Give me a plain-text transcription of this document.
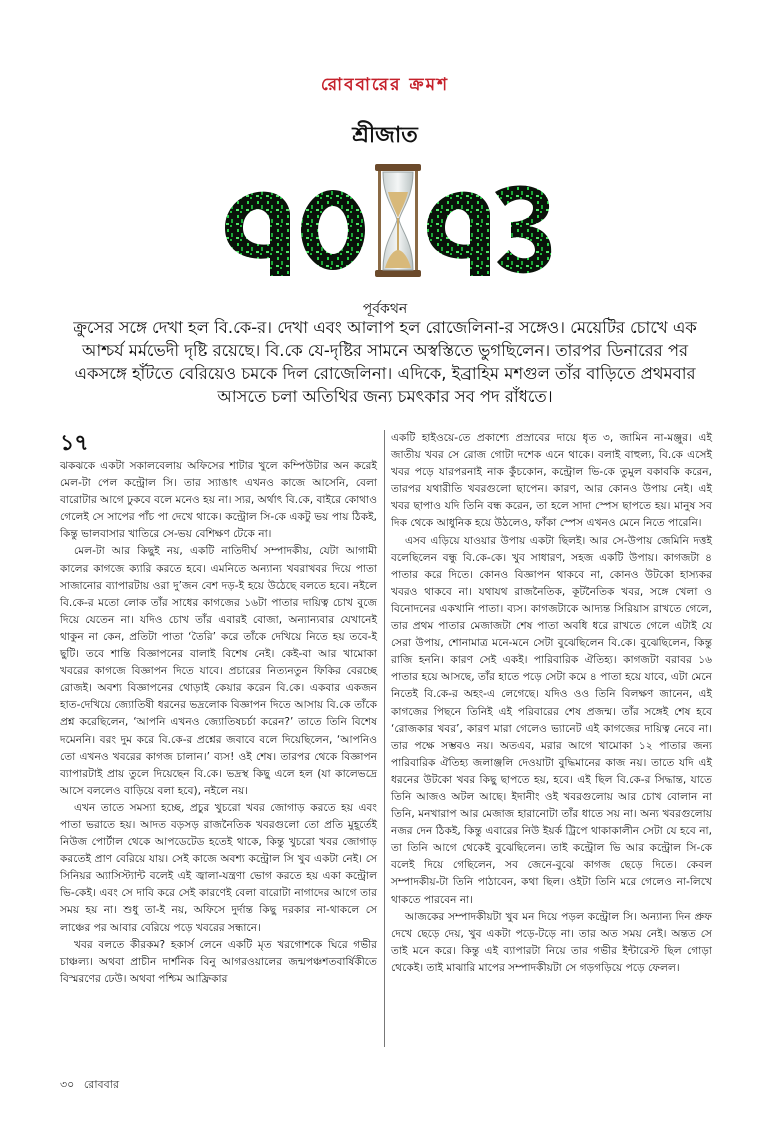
রোববারের ক্রমশ
শ্রীজাত
পূর্বকথন
ক্রুসের সঙ্গে দেখা হল বি.কে-র। দেখা এবং আলাপ হল রোজেলিনা-র সঙ্গেও। মেয়েটির চোখে এক আশ্চর্য মর্মভেদী দৃষ্টি রয়েছে। বি.কে যে-দৃষ্টির সামনে অস্বস্তিতে ভুগছিলেন। তারপর ডিনারের পর একসঙ্গে হাঁটতে বেরিয়েও চমকে দিল রোজেলিনা। এদিকে, ইব্রাহিম মশগুল তাঁর বাড়িতে প্রথমবার আসতে চলা অতিথির জন্য চমৎকার সব পদ রাঁধতে।
১৭

ঝকঝকে একটা সকালবেলায় অফিসের শাটার খুলে কম্পিউটার অন করেই মেল-টা পেল কন্ট্রোল সি। তার স্যাঙাৎ এখনও কাজে আসেনি, বেলা বারোটার আগে ঢুকবে বলে মনেও হয় না। স্যর, অর্থাৎ বি.কে, বাইরে কোথাও গেলেই সে সাপের পাঁচ পা দেখে থাকে। কন্ট্রোল সি-কে একটু ভয় পায় ঠিকই, কিন্তু ভালবাসার খাতিরে সে-ভয় বেশিক্ষণ টেকে না।

মেল-টা আর কিছুই নয়, একটি নাতিদীর্ঘ সম্পাদকীয়, যেটা আগামী কালের কাগজে ক্যারি করতে হবে। এমনিতে অন্যান্য খবরাখবর দিয়ে পাতা সাজানোর ব্যাপারটায় ওরা দু’জন বেশ দড়-ই হয়ে উঠেছে বলতে হবে। নইলে বি.কে-র মতো লোক তাঁর সাধের কাগজের ১৬টা পাতার দায়িত্ব চোখ বুজে দিয়ে যেতেন না। যদিও চোখ তাঁর এবারই বোজা, অন্যান্যবার যেখানেই থাকুন না কেন, প্রতিটা পাতা ‘তৈরি’ করে তাঁকে দেখিয়ে নিতে হয় তবে-ই ছুটি। তবে শান্তি বিজ্ঞাপনের বালাই বিশেষ নেই। কেই-বা আর খামোকা খবরের কাগজে বিজ্ঞাপন দিতে যাবে। প্রচারের নিত্যনতুন ফিকির বেরচ্ছে রোজই। অবশ্য বিজ্ঞাপনের থোড়াই কেয়ার করেন বি.কে। একবার একজন হাত-দেখিয়ে জ্যোতিষী ধরনের ভদ্রলোক বিজ্ঞাপন দিতে আসায় বি.কে তাঁকে প্রশ্ন করেছিলেন, ‘আপনি এখনও জ্যোতিষচর্চা করেন?’ তাতে তিনি বিশেষ দমেননি। বরং দুম করে বি.কে-র প্রশ্নের জবাবে বলে দিয়েছিলেন, ‘আপনিও তো এখনও খবরের কাগজ চালান।’ ব্যস! ওই শেষ। তারপর থেকে বিজ্ঞাপন ব্যাপারটাই প্রায় তুলে দিয়েছেন বি.কে। ভদ্রস্থ কিছু এলে হল (যা কালেভদ্রে আসে বললেও বাড়িয়ে বলা হবে), নইলে নয়।

এখন তাতে সমস্যা হচ্ছে, প্রচুর খুচরো খবর জোগাড় করতে হয় এবং পাতা ভরাতে হয়। আদত বড়সড় রাজনৈতিক খবরগুলো তো প্রতি মুহূর্তেই নিউজ পোর্টাল থেকে আপডেটেড হতেই থাকে, কিন্তু খুচরো খবর জোগাড় করতেই প্রাণ বেরিয়ে যায়। সেই কাজে অবশ্য কন্ট্রোল সি খুব একটা নেই। সে সিনিয়র অ্যাসিস্ট্যান্ট বলেই এই জ্বালা-যন্ত্রণা ভোগ করতে হয় একা কন্ট্রোল ভি-কেই। এবং সে দাবি করে সেই কারণেই বেলা বারোটা নাগাদের আগে তার সময় হয় না। শুধু তা-ই নয়, অফিসে দুর্দান্ত কিছু দরকার না-থাকলে সে লাঞ্চের পর আবার বেরিয়ে পড়ে খবরের সন্ধানে।

খবর বলতে কীরকম? হকার্স লেনে একটি মৃত খরগোশকে ঘিরে গভীর চাঞ্চল্য। অথবা প্রাচীন দার্শনিক বিনু আগরওয়ালের জন্মপঞ্চশতবার্ষিকীতে বিস্মরণের ঢেউ। অথবা পশ্চিম আফ্রিকার

একটি হাইওয়ে-তে প্রকাশ্যে প্রস্রাবের দায়ে ধৃত ৩, জামিন না-মঞ্জুর। এই জাতীয় খবর সে রোজ গোটা দশেক এনে থাকে। বলাই বাহুল্য, বি.কে এসেই খবর পড়ে যারপরনাই নাক কুঁচকোন, কন্ট্রোল ভি-কে তুমুল বকাবকি করেন, তারপর যথারীতি খবরগুলো ছাপেন। কারণ, আর কোনও উপায় নেই। এই খবর ছাপাও যদি তিনি বন্ধ করেন, তা হলে সাদা স্পেস ছাপতে হয়। মানুষ সব দিক থেকে আধুনিক হয়ে উঠলেও, ফাঁকা স্পেস এখনও মেনে নিতে পারেনি।

এসব এড়িয়ে যাওয়ার উপায় একটা ছিলই। আর সে-উপায় জেমিনি দত্তই বলেছিলেন বন্ধু বি.কে-কে। খুব সাধারণ, সহজ একটি উপায়। কাগজটা ৪ পাতার করে দিতে। কোনও বিজ্ঞাপন থাকবে না, কোনও উটকো হাস্যকর খবরও থাকবে না। যথাযথ রাজনৈতিক, কূটনৈতিক খবর, সঙ্গে খেলা ও বিনোদনের একখানি পাতা। ব্যস। কাগজটাকে আদ্যন্ত সিরিয়াস রাখতে গেলে, তার প্রথম পাতার মেজাজটা শেষ পাতা অবধি ধরে রাখতে গেলে এটাই যে সেরা উপায়, শোনামাত্র মনে-মনে সেটা বুঝেছিলেন বি.কে। বুঝেছিলেন, কিন্তু রাজি হননি। কারণ সেই একই। পারিবারিক ঐতিহ্য। কাগজটা বরাবর ১৬ পাতার হয়ে আসছে, তাঁর হাতে পড়ে সেটা কমে ৪ পাতা হয়ে যাবে, এটা মেনে নিতেই বি.কে-র অহং-এ লেগেছে। যদিও ওও তিনি বিলক্ষণ জানেন, এই কাগজের পিছনে তিনিই এই পরিবারের শেষ প্রজন্ম। তাঁর সঙ্গেই শেষ হবে ‘রোজকার খবর’, কারণ মারা গেলেও ভ্যানেট এই কাগজের দায়িত্ব নেবে না। তার পক্ষে সম্ভবও নয়। অতএব, মরার আগে খামোকা ১২ পাতার জন্য পারিবারিক ঐতিহ্য জলাঞ্জলি দেওয়াটা বুদ্ধিমানের কাজ নয়। তাতে যদি এই ধরনের উটকো খবর কিছু ছাপতে হয়, হবে। এই ছিল বি.কে-র সিদ্ধান্ত, যাতে তিনি আজও অটল আছে। ইদানীং ওই খবরগুলোয় আর চোখ বোলান না তিনি, মনখারাপ আর মেজাজ হারানোটা তাঁর ধাতে সয় না। অন্য খবরগুলোয় নজর দেন ঠিকই, কিন্তু এবারের নিউ ইয়র্ক ট্রিপে থাকাকালীন সেটা যে হবে না, তা তিনি আগে থেকেই বুঝেছিলেন। তাই কন্ট্রোল ভি আর কন্ট্রোল সি-কে বলেই দিয়ে গেছিলেন, সব জেনে-বুঝে কাগজ ছেড়ে দিতে। কেবল সম্পাদকীয়-টা তিনি পাঠাবেন, কথা ছিল। ওইটা তিনি মরে গেলেও না-লিখে থাকতে পারবেন না।

আজকের সম্পাদকীয়টা খুব মন দিয়ে পড়ল কন্ট্রোল সি। অন্যান্য দিন প্রুফ দেখে ছেড়ে দেয়, খুব একটা পড়ে-টড়ে না। তার অত সময় নেই। অন্তত সে তাই মনে করে। কিন্তু এই ব্যাপারটা নিয়ে তার গভীর ইন্টারেস্ট ছিল গোড়া থেকেই। তাই মাঝারি মাপের সম্পাদকীয়টা সে গড়গড়িয়ে পড়ে ফেলল।

৩০ রোববার
